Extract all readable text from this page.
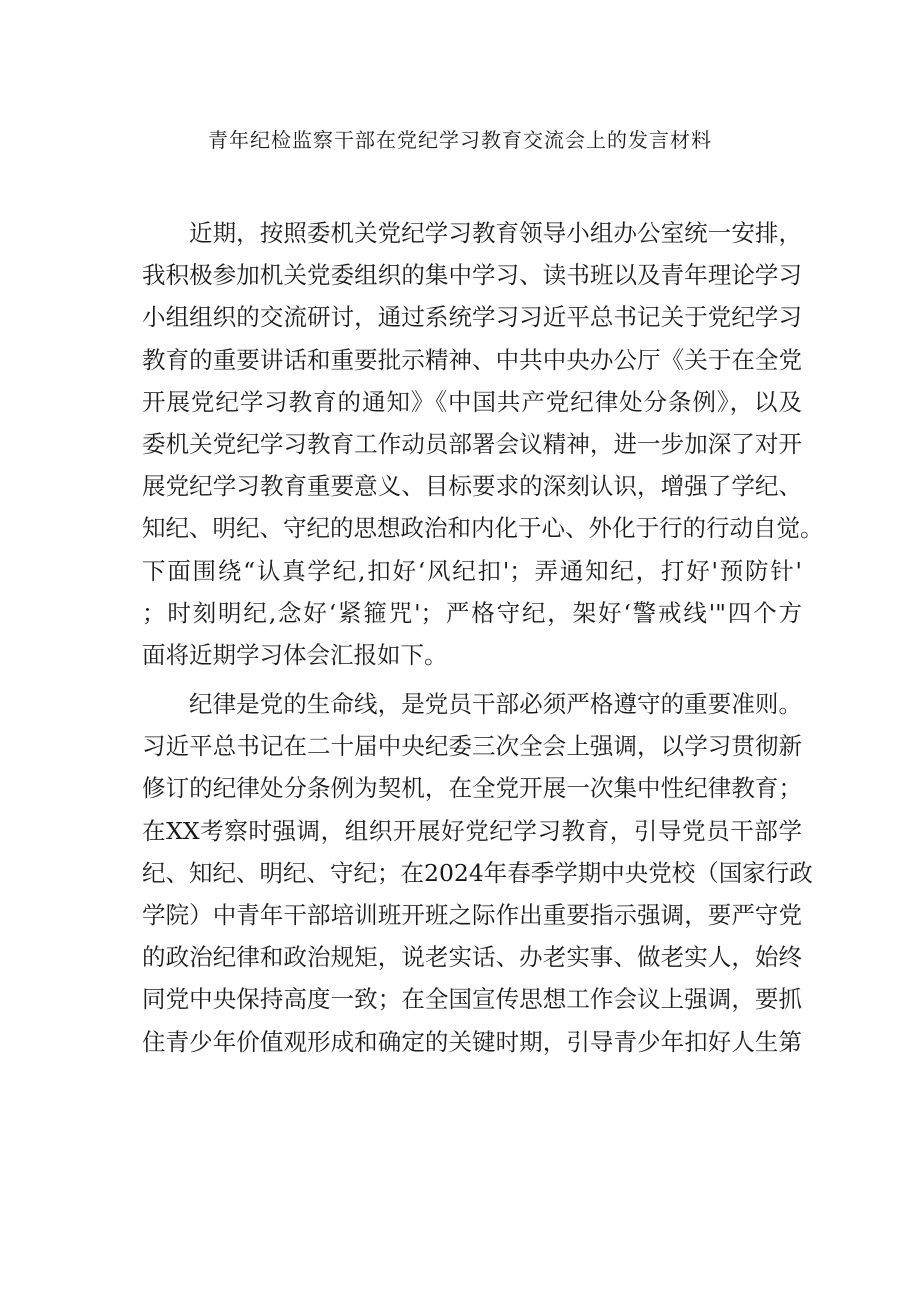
青年纪检监察干部在党纪学习教育交流会上的发言材料
近期，按照委机关党纪学习教育领导小组办公室统一安排，
我积极参加机关党委组织的集中学习、读书班以及青年理论学习
小组组织的交流研讨，通过系统学习习近平总书记关于党纪学习
教育的重要讲话和重要批示精神、中共中央办公厅《关于在全党
开展党纪学习教育的通知》《中国共产党纪律处分条例》，以及
委机关党纪学习教育工作动员部署会议精神，进一步加深了对开
展党纪学习教育重要意义、目标要求的深刻认识，增强了学纪、
知纪、明纪、守纪的思想政治和内化于心、外化于行的行动自觉。
下面围绕“认真学纪,扣好‘风纪扣'；弄通知纪，打好'预防针'
；时刻明纪,念好‘紧箍咒'；严格守纪，架好‘警戒线'"四个方
面将近期学习体会汇报如下。
纪律是党的生命线，是党员干部必须严格遵守的重要准则。
习近平总书记在二十届中央纪委三次全会上强调，以学习贯彻新
修订的纪律处分条例为契机，在全党开展一次集中性纪律教育；
在XX考察时强调，组织开展好党纪学习教育，引导党员干部学
纪、知纪、明纪、守纪；在2024年春季学期中央党校（国家行政
学院）中青年干部培训班开班之际作出重要指示强调，要严守党
的政治纪律和政治规矩，说老实话、办老实事、做老实人，始终
同党中央保持高度一致；在全国宣传思想工作会议上强调，要抓
住青少年价值观形成和确定的关键时期，引导青少年扣好人生第
